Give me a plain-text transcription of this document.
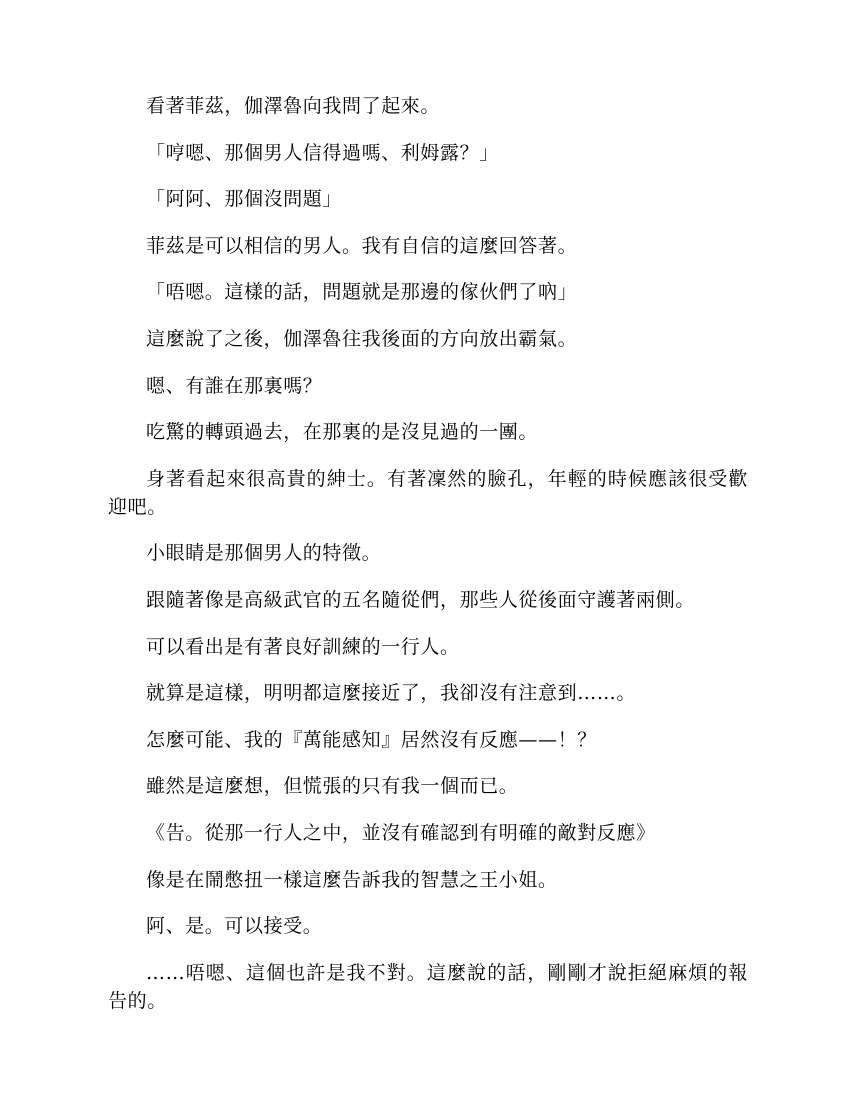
看著菲茲，伽澤魯向我問了起來。

「哼嗯、那個男人信得過嗎、利姆露？」

「阿阿、那個沒問題」

菲茲是可以相信的男人。我有自信的這麼回答著。

「唔嗯。這樣的話，問題就是那邊的傢伙們了吶」

這麼說了之後，伽澤魯往我後面的方向放出霸氣。

嗯、有誰在那裏嗎？

吃驚的轉頭過去，在那裏的是沒見過的一團。

身著看起來很高貴的紳士。有著凜然的臉孔，年輕的時候應該很受歡迎吧。

小眼睛是那個男人的特徵。

跟隨著像是高級武官的五名隨從們，那些人從後面守護著兩側。

可以看出是有著良好訓練的一行人。

就算是這樣，明明都這麼接近了，我卻沒有注意到……。

怎麼可能、我的『萬能感知』居然沒有反應——！？

雖然是這麼想，但慌張的只有我一個而已。

《告。從那一行人之中，並沒有確認到有明確的敵對反應》

像是在鬧憋扭一樣這麼告訴我的智慧之王小姐。

阿、是。可以接受。

……唔嗯、這個也許是我不對。這麼說的話，剛剛才說拒絕麻煩的報告的。
